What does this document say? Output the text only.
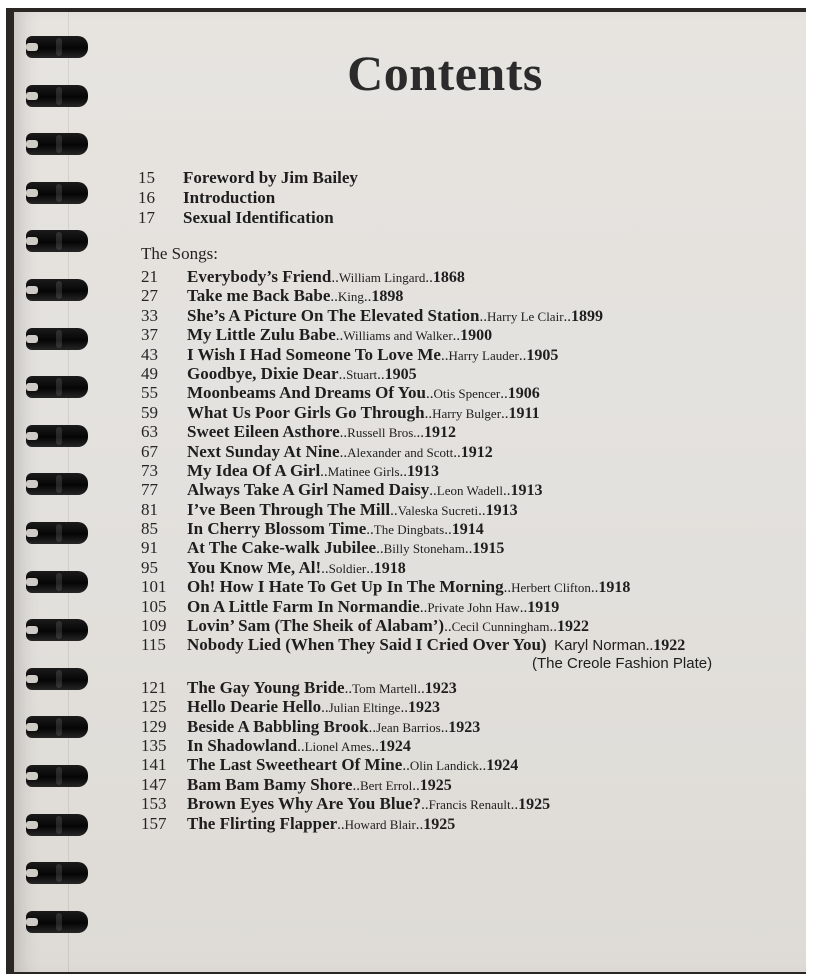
Contents
15	Foreword by Jim Bailey
16	Introduction
17	Sexual Identification
The Songs:
21	Everybody’s Friend .. William Lingard .. 1868
27	Take me Back Babe .. King .. 1898
33	She’s A Picture On The Elevated Station .. Harry Le Clair .. 1899
37	My Little Zulu Babe .. Williams and Walker .. 1900
43	I Wish I Had Someone To Love Me .. Harry Lauder .. 1905
49	Goodbye, Dixie Dear .. Stuart .. 1905
55	Moonbeams And Dreams Of You .. Otis Spencer .. 1906
59	What Us Poor Girls Go Through .. Harry Bulger .. 1911
63	Sweet Eileen Asthore .. Russell Bros. .. 1912
67	Next Sunday At Nine .. Alexander and Scott .. 1912
73	My Idea Of A Girl .. Matinee Girls .. 1913
77	Always Take A Girl Named Daisy .. Leon Wadell .. 1913
81	I’ve Been Through The Mill .. Valeska Sucreti .. 1913
85	In Cherry Blossom Time .. The Dingbats .. 1914
91	At The Cake-walk Jubilee .. Billy Stoneham .. 1915
95	You Know Me, Al! .. Soldier .. 1918
101	Oh! How I Hate To Get Up In The Morning .. Herbert Clifton .. 1918
105	On A Little Farm In Normandie .. Private John Haw .. 1919
109	Lovin’ Sam (The Sheik of Alabam’) .. Cecil Cunningham .. 1922
115	Nobody Lied (When They Said I Cried Over You)
Karyl Norman .. 1922
(The Creole Fashion Plate)
121	The Gay Young Bride .. Tom Martell .. 1923
125	Hello Dearie Hello .. Julian Eltinge .. 1923
129	Beside A Babbling Brook .. Jean Barrios .. 1923
135	In Shadowland .. Lionel Ames .. 1924
141	The Last Sweetheart Of Mine .. Olin Landick .. 1924
147	Bam Bam Bamy Shore .. Bert Errol .. 1925
153	Brown Eyes Why Are You Blue? .. Francis Renault .. 1925
157	The Flirting Flapper .. Howard Blair .. 1925
